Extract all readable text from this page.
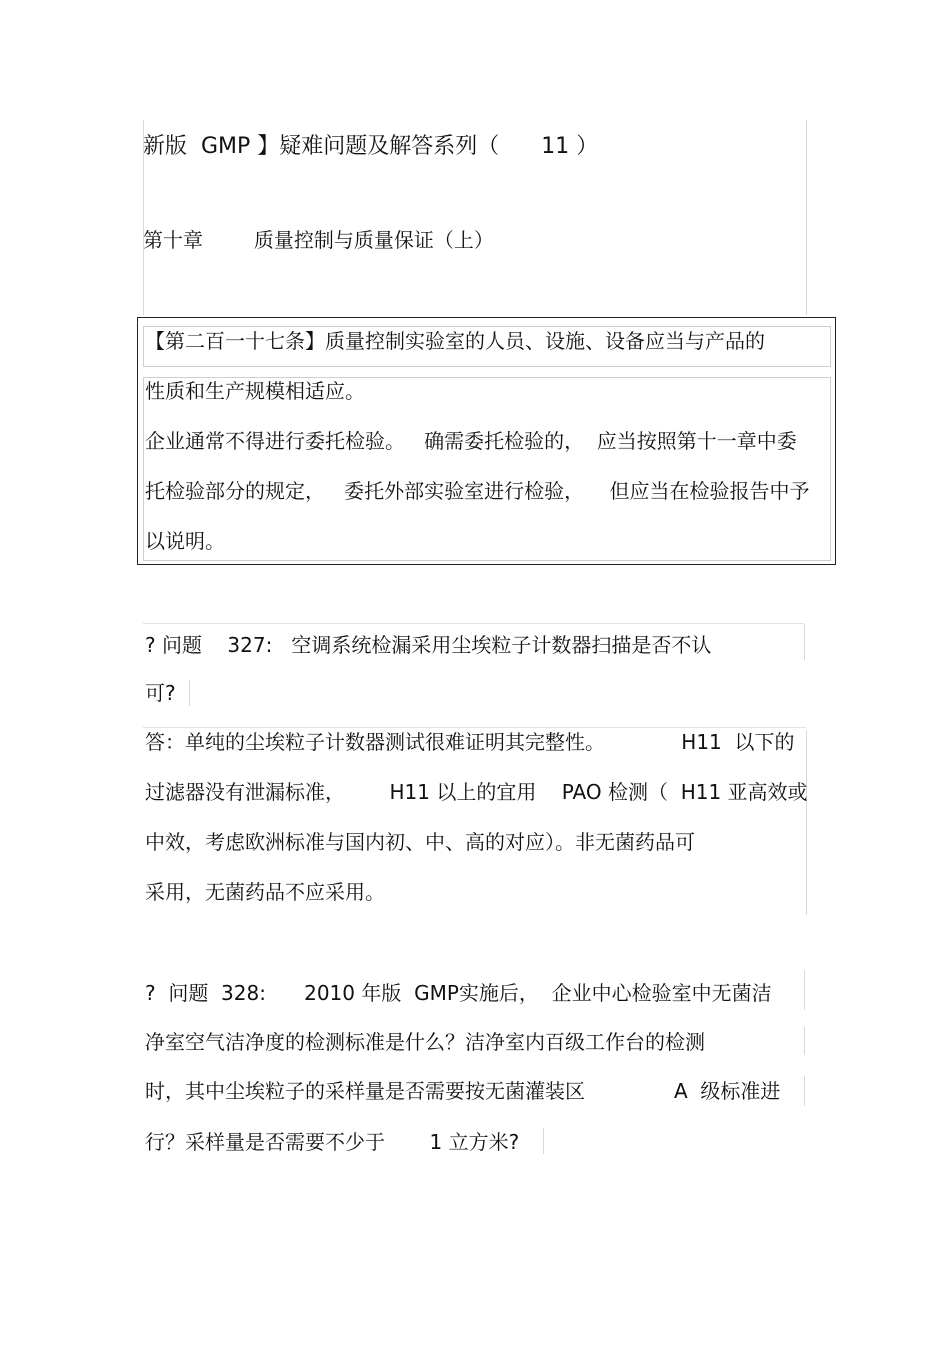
新版  GMP 】疑难问题及解答系列（      11 ）
第十章        质量控制与质量保证（上）
【第二百一十七条】质量控制实验室的人员、设施、设备应当与产品的
性质和生产规模相适应。
企业通常不得进行委托检验。   确需委托检验的，  应当按照第十一章中委
托检验部分的规定，   委托外部实验室进行检验，    但应当在检验报告中予
以说明。
? 问题    327:   空调系统检漏采用尘埃粒子计数器扫描是否不认
可?
答：单纯的尘埃粒子计数器测试很难证明其完整性。            H11  以下的
过滤器没有泄漏标准，       H11 以上的宜用    PAO 检测（  H11 亚高效或
中效，考虑欧洲标准与国内初、中、高的对应）。非无菌药品可
采用，无菌药品不应采用。
?  问题  328:      2010 年版  GMP实施后，  企业中心检验室中无菌洁
净室空气洁净度的检测标准是什么？洁净室内百级工作台的检测
时，其中尘埃粒子的采样量是否需要按无菌灌装区              A  级标准进
行？采样量是否需要不少于       1 立方米?
